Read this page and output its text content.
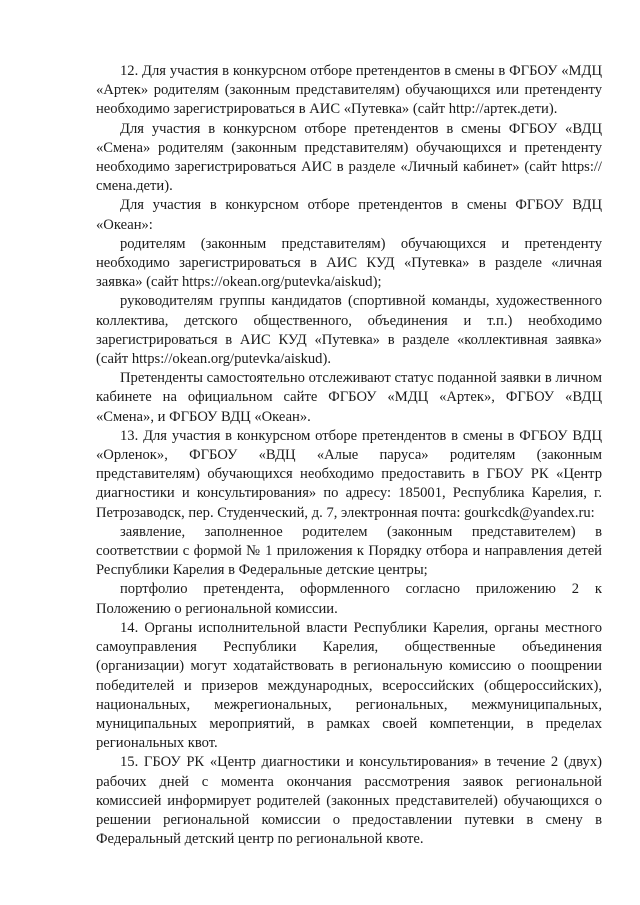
12. Для участия в конкурсном отборе претендентов в смены в ФГБОУ «МДЦ «Артек» родителям (законным представителям) обучающихся или претенденту необходимо зарегистрироваться в АИС «Путевка» (сайт http://артек.дети).

Для участия в конкурсном отборе претендентов в смены ФГБОУ «ВДЦ «Смена» родителям (законным представителям) обучающихся и претенденту необходимо зарегистрироваться АИС в разделе «Личный кабинет» (сайт https://смена.дети).

Для участия в конкурсном отборе претендентов в смены ФГБОУ ВДЦ «Океан»:

родителям (законным представителям) обучающихся и претенденту необходимо зарегистрироваться в АИС КУД «Путевка» в разделе «личная заявка» (сайт https://okean.org/putevka/aiskud);

руководителям группы кандидатов (спортивной команды, художественного коллектива, детского общественного, объединения и т.п.) необходимо зарегистрироваться в АИС КУД «Путевка» в разделе «коллективная заявка» (сайт https://okean.org/putevka/aiskud).

Претенденты самостоятельно отслеживают статус поданной заявки в личном кабинете на официальном сайте ФГБОУ «МДЦ «Артек», ФГБОУ «ВДЦ «Смена», и ФГБОУ ВДЦ «Океан».

13. Для участия в конкурсном отборе претендентов в смены в ФГБОУ ВДЦ «Орленок», ФГБОУ «ВДЦ «Алые паруса» родителям (законным представителям) обучающихся необходимо предоставить в ГБОУ РК «Центр диагностики и консультирования» по адресу: 185001, Республика Карелия, г. Петрозаводск, пер. Студенческий, д. 7, электронная почта: gourkcdk@yandex.ru:

заявление, заполненное родителем (законным представителем) в соответствии с формой № 1 приложения к Порядку отбора и направления детей Республики Карелия в Федеральные детские центры;

портфолио претендента, оформленного согласно приложению 2 к Положению о региональной комиссии.

14. Органы исполнительной власти Республики Карелия, органы местного самоуправления Республики Карелия, общественные объединения (организации) могут ходатайствовать в региональную комиссию о поощрении победителей и призеров международных, всероссийских (общероссийских), национальных, межрегиональных, региональных, межмуниципальных, муниципальных мероприятий, в рамках своей компетенции, в пределах региональных квот.

15. ГБОУ РК «Центр диагностики и консультирования» в течение 2 (двух) рабочих дней с момента окончания рассмотрения заявок региональной комиссией информирует родителей (законных представителей) обучающихся о решении региональной комиссии о предоставлении путевки в смену в Федеральный детский центр по региональной квоте.
